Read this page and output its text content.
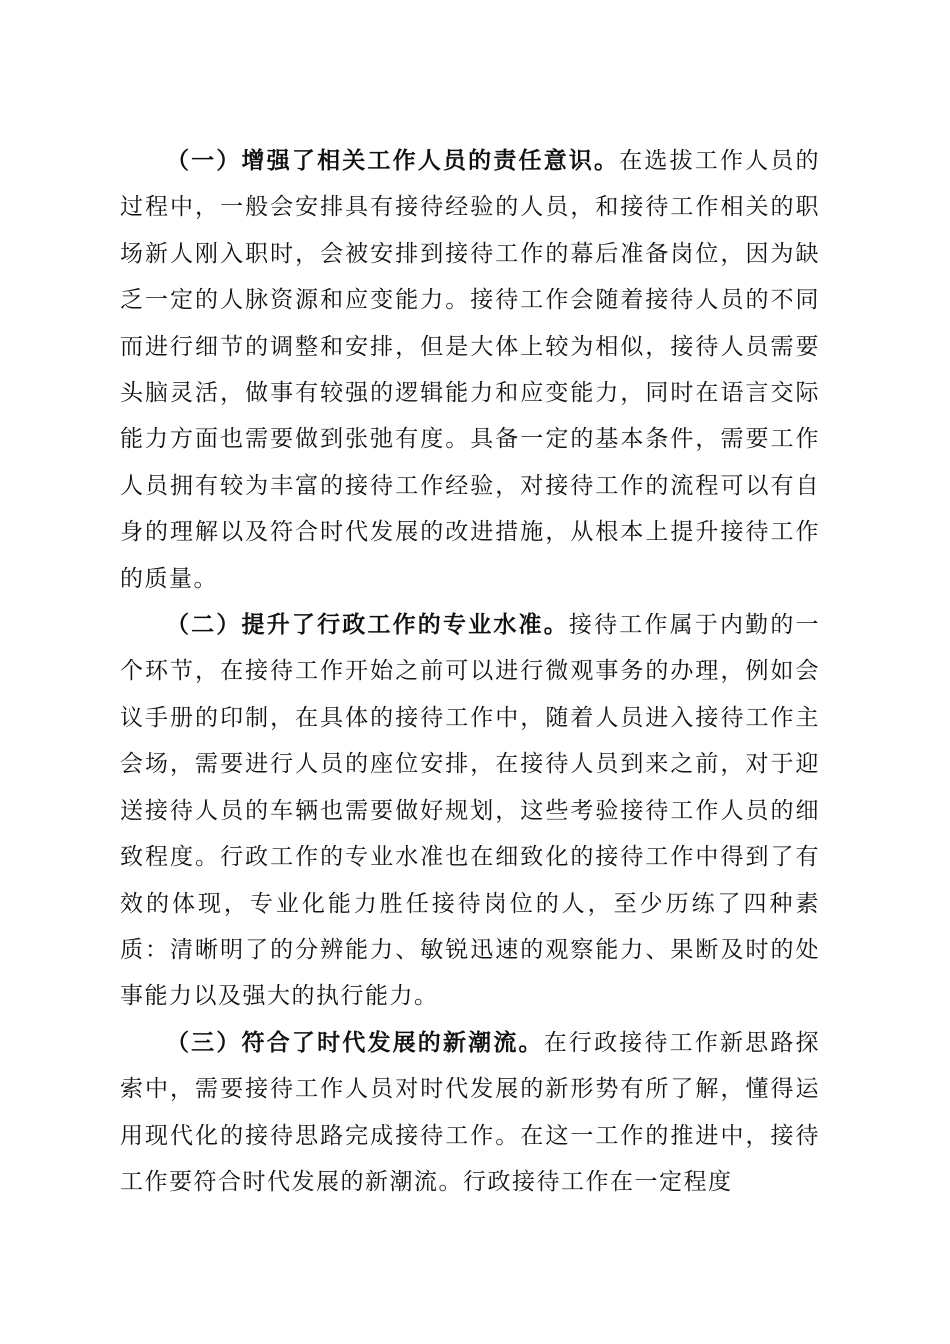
（一）增强了相关工作人员的责任意识。在选拔工作人员的过程中，一般会安排具有接待经验的人员，和接待工作相关的职场新人刚入职时，会被安排到接待工作的幕后准备岗位，因为缺乏一定的人脉资源和应变能力。接待工作会随着接待人员的不同而进行细节的调整和安排，但是大体上较为相似，接待人员需要头脑灵活，做事有较强的逻辑能力和应变能力，同时在语言交际能力方面也需要做到张弛有度。具备一定的基本条件，需要工作人员拥有较为丰富的接待工作经验，对接待工作的流程可以有自身的理解以及符合时代发展的改进措施，从根本上提升接待工作的质量。

（二）提升了行政工作的专业水准。接待工作属于内勤的一个环节，在接待工作开始之前可以进行微观事务的办理，例如会议手册的印制，在具体的接待工作中，随着人员进入接待工作主会场，需要进行人员的座位安排，在接待人员到来之前，对于迎送接待人员的车辆也需要做好规划，这些考验接待工作人员的细致程度。行政工作的专业水准也在细致化的接待工作中得到了有效的体现，专业化能力胜任接待岗位的人，至少历练了四种素质：清晰明了的分辨能力、敏锐迅速的观察能力、果断及时的处事能力以及强大的执行能力。

（三）符合了时代发展的新潮流。在行政接待工作新思路探索中，需要接待工作人员对时代发展的新形势有所了解，懂得运用现代化的接待思路完成接待工作。在这一工作的推进中，接待工作要符合时代发展的新潮流。行政接待工作在一定程度
